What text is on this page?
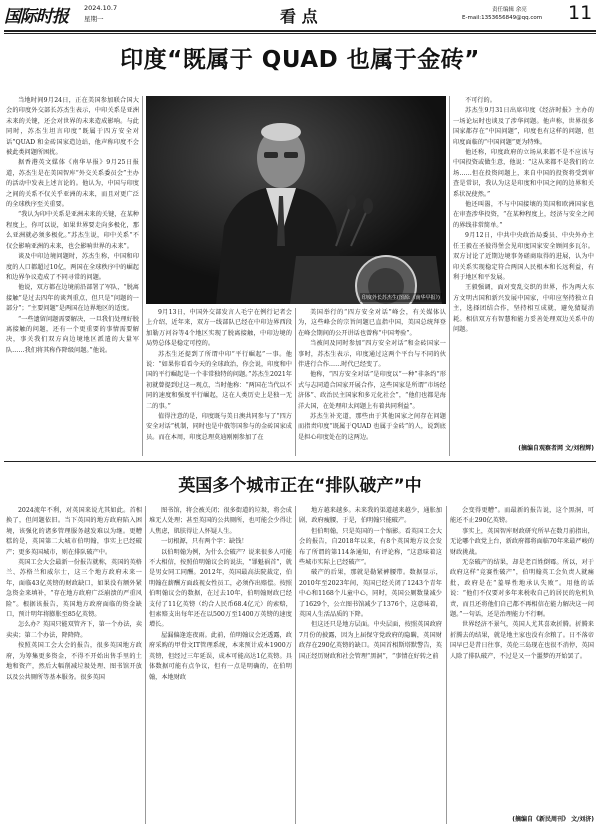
国际时报 2024.10.7
星期一	看 点	责任编辑 余亮
E-mail:1353656849@qq.com 11
印度“既属于 QUAD 也属于金砖”

当地时间9月24日，正在美国参加联合国大会的印度外交部长苏杰生表示，中印关系是亚洲未来的关键，还会对世界的未来造成影响。与此同时，苏杰生坦言印度“既属于四方安全对话”QUAD 和金砖国家造边站，他声称印度不会被此类问题所困扰。

据香港英文媒体《南华早报》9月25日报道，苏杰生是在美国智库“外交关系委员会”主办的活动中发表上述言论的。他认为，中国与印度之间的关系不仅关乎亚洲的未来，而且对更广泛的全球秩序至关重要。

“我认为印中关系是亚洲未来的关键，在某种程度上，你可以说，如果世界要走向多极化，那么亚洲就必须多极化。”苏杰生说，印中关系“不仅会影响亚洲的未来，也会影响世界的未来”。

谈及中印边境问题时，苏杰生称，中国和印度的人口都超过10亿，两国在全球秩序中的崛起和边界争议造成了不同寻常的问题。

他说，双方都在边境前沿部署了军队，“脱离接触”是过去四年的谈判重点，但只是“问题的一部分”；“主要问题”是两国在边界地区的适度。

“一些遗留问题需要解决，一旦我们处理好脱离接触的问题，还有一个更重要的事情需要解决，事关我们双方向边境地区派遣的大量军队……我们将其称作降级问题。”他说。

印度外长苏杰生(图源:《南华早报》)

9月13日，中国外交部发言人毛宁在例行记者会上介绍，近年来，双方一线部队已经在中印边界西段加勒万河谷等4个地区实现了脱离接触，中印边境的局势总体是稳定可控的。

苏杰生还提到了所谓中印“平行崛起”一事。他说：“如果你看看今天的全球政治，你会说，印度和中国的平行崛起是一个非常独特的问题。”苏杰生2021年初就曾提到过这一观点，当时他称：“两国在当代以不同的速度和强度平行崛起，这在人类历史上是独一无二的事。”

值得注意的是，印度既与美日澳共同参与了“四方安全对话”机制，同时也是中俄等国参与的金砖国家成员。而在本周，印度总理莫迪刚刚参加了在

美国举行的“四方安全对话”峰会，有关媒体认为，这些峰会的宗旨问题已直指中国，美国总统拜登在峰会期间的公开讲话也曾称“中国考验”。

当被问及同时参加“四方安全对话”和金砖国家一事时，苏杰生表示，印度通过这两个平台与不同的伙伴进行合作……时代已经变了。

他称，“四方安全对话”是印度以“一种”非条约“形式与志同道合国家开展合作，这些国家是所谓“市场经济体”、政治民主国家和多元化社会”，“他们也都是海洋大国，在处理印太问题上有着共同利益”。

苏杰生补充道，那些由于其他国家之间存在问题而指责印度“既属于QUAD 也属于金砖”的人，说到底是担心印度处在的这两边。

不可行的。

苏杰生9月31日出席印度《经济时报》主办的一场论坛时也谈及了涉华问题。他声称，世界很多国家都存在“中国问题”，印度也有这样的问题，但印度面临的“中国问题”更为特殊。

他还称，印度政府的立场从来都不是不应该与中国投资或做生意，他说：“这从来都不是我们的立场……但在投资问题上，来自中国的投资将受到审查是常识，我认为这是印度和中国之间的边界和关系状况使然。”

他还叫嚣，不与中国接壤的美国和欧洲国家也在审查涉华投资，“在某种程度上，经济与安全之间的界线非常简单。”

9月12日，中共中央政治局委员、中央外办主任王毅在圣彼得堡会见印度国家安全顾问多瓦尔。双方讨论了近期边境事务磋商取得的进展，认为中印关系实现稳定符合两国人民根本和长远利益，有利于地区和平发展。

王毅强调，面对变乱交织的世界，作为两大东方文明古国和新兴发展中国家，中印应坚持独立自主，选择团结合作，坚持相互成就，避免猜疑消耗。相信双方有智慧和能力妥善处理双边关系中的问题。

(摘编自观察者网 文/刘程辉)
英国多个城市正在“排队破产”中

2024流年不利，对英国来说尤其如此。首相换了，但问题依旧。当下英国的地方政府陷入困境，该强化的诸多管理服务越发难以为继。更糟糕的是，英国第二大城市伯明翰，事实上已经破产；更多英国城市，则在排队破产中。

英国工会大会最新一份报告就称，英国的英格兰、苏格兰和威尔士，这三个地方政府未来一年，面临43亿英镑的财政缺口，如果没有额外紧急资金来填补，“存在地方政府广泛崩溃的严重风险”。根据该报告，英国地方政府面临的资金缺口，预计明年将膨胀至85亿英镑。

怎么办？英国只能双管齐下，第一个办法，卖卖卖；第二个办法，降降降。

按照英国工会大会的报告，很多英国地方政府，为筹集更多资金，不得不开始出售手里的土地和资产，然后大幅削减垃圾处理、图书馆开放以及公共厕所等基本服务。很多英国

图书馆，将会被关闭；很多街道的垃圾，将会成堆无人处理；甚至英国的公共厕所，也可能会少得让人焦虑，肌肤得让人怀疑人生。

一切根源，只有两个字：缺钱！

以伯明翰为例，为什么会破产？说来很多人可能不大相信，按照伯明翰议会的说法，“罪魁祸首”，就是男女同工同酬。2012年，英国最高法院裁定，伯明翰在薪酬方面歧视女性员工，必须作出赔偿。按照伯明翰议会的数据，在过去10年，伯明翰财政已经支付了11亿英镑（约合人民币68.4亿元）的索赔，但索赔支出每年还在以500万至1400万英镑的速度增长。

屋漏偏逢连夜雨。此前，伯明翰议会还透露，政府采购的甲骨文IT管理系统，本来预计成本1900万英镑，但经过三年延误，成本可能高达1亿英镑。具体数据可能有点争议，但有一点是明确的，在伯明翰，本地财政

地方越来越多。未来我的渠道越来越少，通胀加剧，政府瘦腰，于是，伯明翰只能破产。

但伯明翰，只是英国的一个缩影。看英国工会大会的报告，自2018年以来，有8个英国地方议会发布了所谓的第114条通知，有评论称，“这意味着这些城市实际上已经破产”。

破产的后果，那就是勒紧裤腰带。数据显示，2010年至2023年间，英国已经关闭了1243个青年中心和1168个儿童中心，同时，英国公厕数量减少了1629个，公立图书馆减少了1376个，这意味着，英国人生活品质的下降。

但这还只是地方层面。中央层面，按照英国政府7月份的披露，因为上届保守党政府的隐瞒，英国财政存在290亿英镑的缺口。英国首相斯塔默警告，英国正经历财政和社会管理“黑洞”，“事情在好转之前

会变得更糟”。而最新的报告说，这个黑洞，可能还不止290亿英镑。

事实上，英国智库财政研究所早在数月前指出，无论哪个政党上台，新政府都将面临70年来最严峻的财政挑战。

无奈破产的结果，却是老百姓倒霉。所以，对于政府这样“竞赛性破产”，伯明翰英工会负责人就痛批，政府是在“羞辱性地承认失败”。用他的话说：“他们不仅要对多年来税收自己的居民的危机负责，而且还将他们自己都不再相信在能力解决这一问题。”一句话，还是治理能力不行啊。

世界经济不景气，英国人尤其喜欢折腾。折腾来折腾去的结果，就是地主家也没有余粮了。日不落帝国早已是昔日往事，英伦三岛现在也很不消停，英国人除了排队破产，不过是又一个噩梦的开始罢了。

(摘编自《新民周刊》 文/刘济)
